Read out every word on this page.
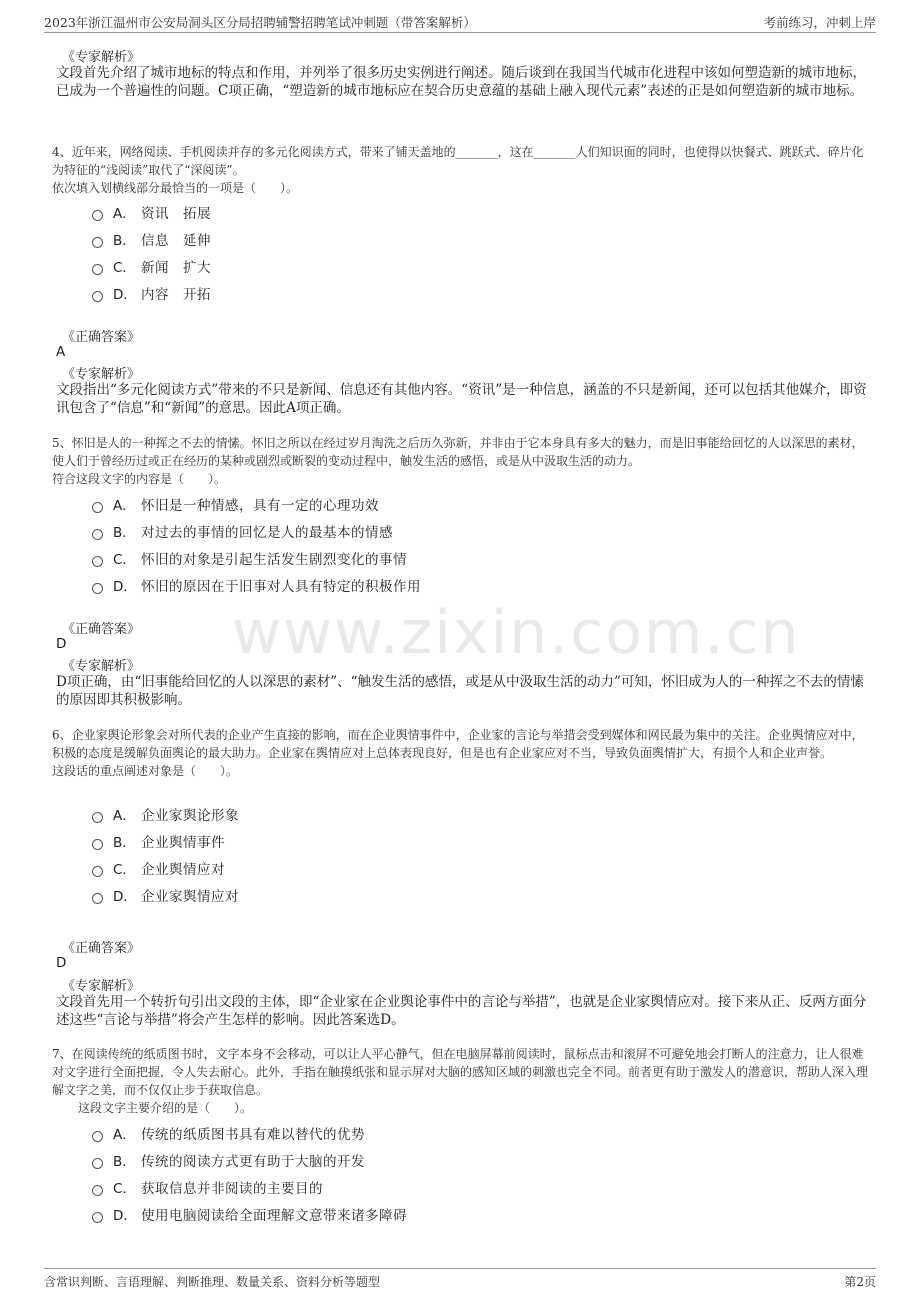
2023年浙江温州市公安局洞头区分局招聘辅警招聘笔试冲刺题（带答案解析）	考前练习，冲刺上岸
www.zixin.com.cn
《专家解析》
文段首先介绍了城市地标的特点和作用，并列举了很多历史实例进行阐述。随后谈到在我国当代城市化进程中该如何塑造新的城市地标，已成为一个普遍性的问题。C项正确，“塑造新的城市地标应在契合历史意蕴的基础上融入现代元素”表述的正是如何塑造新的城市地标。
4、近年来，网络阅读、手机阅读并存的多元化阅读方式，带来了铺天盖地的_______，这在_______人们知识面的同时，也使得以快餐式、跳跃式、碎片化为特征的“浅阅读”取代了“深阅读”。
依次填入划横线部分最恰当的一项是（　　）。
A． 资讯　拓展
B． 信息　延伸
C． 新闻　扩大
D． 内容　开拓
《正确答案》
A
《专家解析》
文段指出“多元化阅读方式”带来的不只是新闻、信息还有其他内容。“资讯”是一种信息，涵盖的不只是新闻，还可以包括其他媒介，即资讯包含了“信息”和“新闻”的意思。因此A项正确。
5、怀旧是人的一种挥之不去的情愫。怀旧之所以在经过岁月淘洗之后历久弥新，并非由于它本身具有多大的魅力，而是旧事能给回忆的人以深思的素材，使人们于曾经历过或正在经历的某种或剧烈或断裂的变动过程中，触发生活的感悟，或是从中汲取生活的动力。
符合这段文字的内容是（　　）。
A． 怀旧是一种情感，具有一定的心理功效
B． 对过去的事情的回忆是人的最基本的情感
C． 怀旧的对象是引起生活发生剧烈变化的事情
D． 怀旧的原因在于旧事对人具有特定的积极作用
《正确答案》
D
《专家解析》
D项正确，由“旧事能给回忆的人以深思的素材”、“触发生活的感悟，或是从中汲取生活的动力”可知，怀旧成为人的一种挥之不去的情愫的原因即其积极影响。
6、企业家舆论形象会对所代表的企业产生直接的影响，而在企业舆情事件中，企业家的言论与举措会受到媒体和网民最为集中的关注。企业舆情应对中，积极的态度是缓解负面舆论的最大助力。企业家在舆情应对上总体表现良好，但是也有企业家应对不当，导致负面舆情扩大，有损个人和企业声誉。
这段话的重点阐述对象是（　　）。
A． 企业家舆论形象
B． 企业舆情事件
C． 企业舆情应对
D． 企业家舆情应对
《正确答案》
D
《专家解析》
文段首先用一个转折句引出文段的主体，即“企业家在企业舆论事件中的言论与举措”，也就是企业家舆情应对。接下来从正、反两方面分述这些“言论与举措”将会产生怎样的影响。因此答案选D。
7、在阅读传统的纸质图书时，文字本身不会移动，可以让人平心静气，但在电脑屏幕前阅读时，鼠标点击和滚屏不可避免地会打断人的注意力，让人很难对文字进行全面把握，令人失去耐心。此外，手指在触摸纸张和显示屏对大脑的感知区域的刺激也完全不同。前者更有助于激发人的潜意识，帮助人深入理解文字之美，而不仅仅止步于获取信息。
这段文字主要介绍的是（　　）。
A． 传统的纸质图书具有难以替代的优势
B． 传统的阅读方式更有助于大脑的开发
C． 获取信息并非阅读的主要目的
D． 使用电脑阅读给全面理解文意带来诸多障碍
含常识判断、言语理解、判断推理、数量关系、资料分析等题型	第2页
